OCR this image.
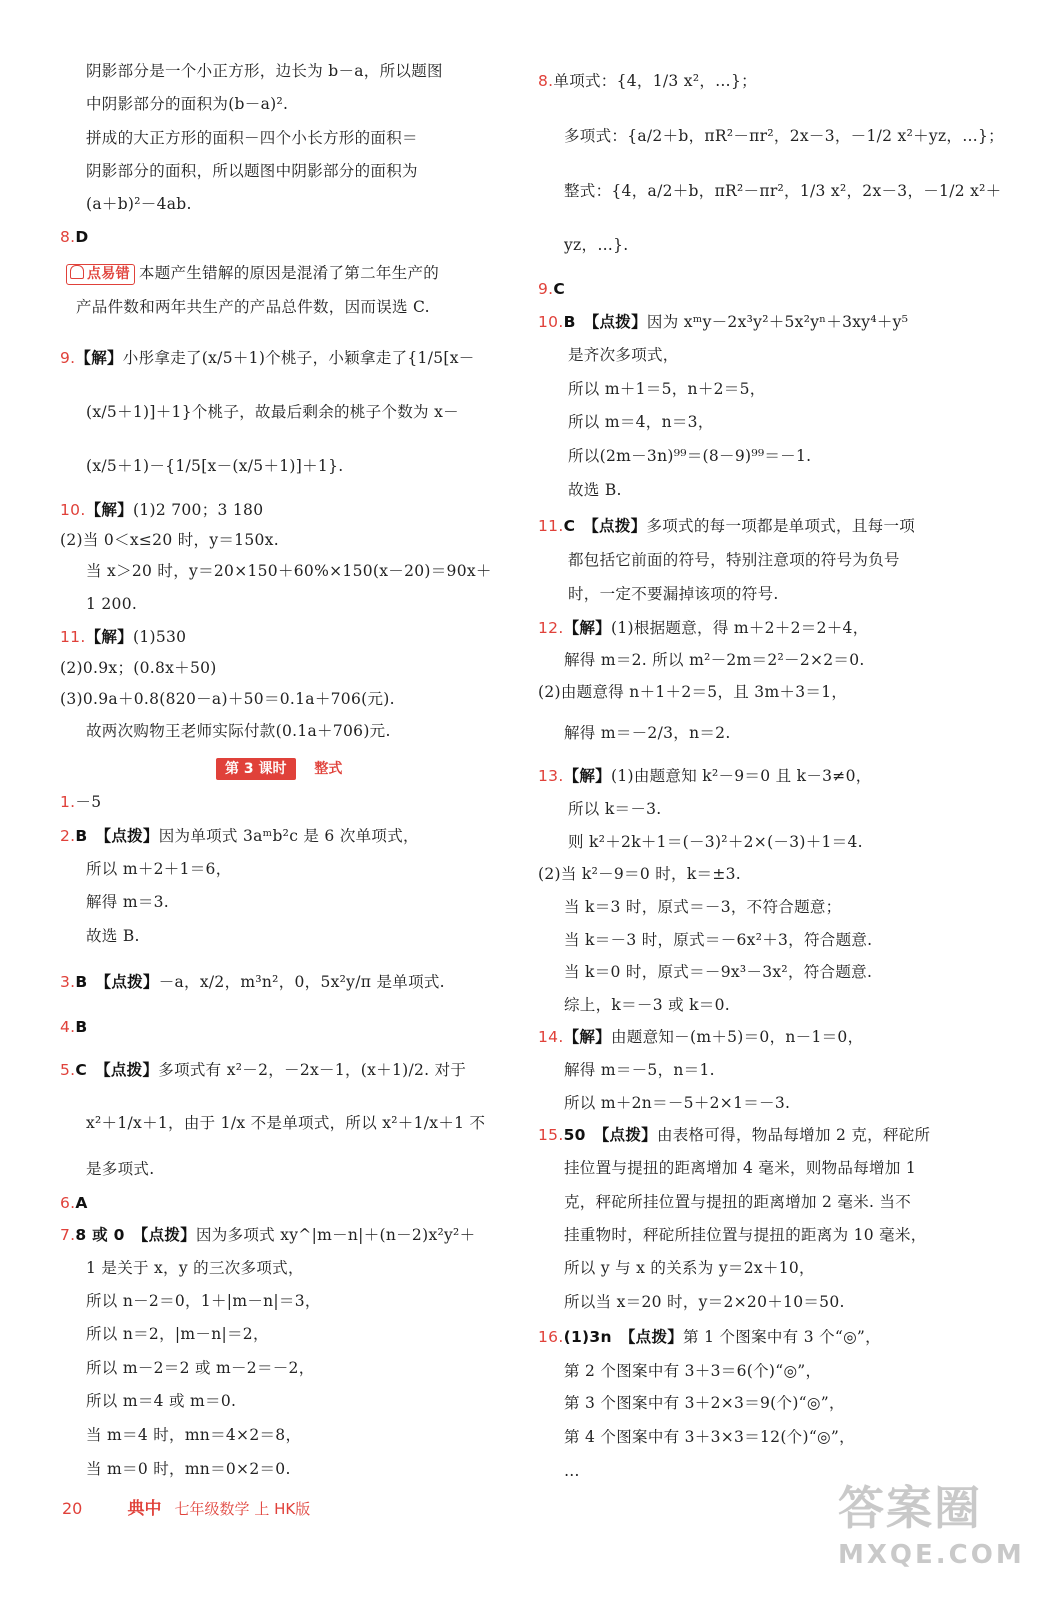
阴影部分是一个小正方形，边长为 b－a，所以题图
中阴影部分的面积为(b－a)².
拼成的大正方形的面积－四个小长方形的面积＝
阴影部分的面积，所以题图中阴影部分的面积为
(a＋b)²－4ab.
8.D
点易错 本题产生错解的原因是混淆了第二年生产的
产品件数和两年共生产的产品总件数，因而误选 C.
9.【解】小彤拿走了(x/5＋1)个桃子，小颖拿走了{1/5[x－
(x/5＋1)]＋1}个桃子，故最后剩余的桃子个数为 x－
(x/5＋1)－{1/5[x－(x/5＋1)]＋1}.
10.【解】(1)2 700；3 180
(2)当 0＜x≤20 时，y＝150x.
当 x＞20 时，y＝20×150＋60%×150(x－20)＝90x＋
1 200.
11.【解】(1)530
(2)0.9x；(0.8x＋50)
(3)0.9a＋0.8(820－a)＋50＝0.1a＋706(元).
故两次购物王老师实际付款(0.1a＋706)元.
1.－5
2.B 【点拨】因为单项式 3aᵐb²c 是 6 次单项式，
所以 m＋2＋1＝6，
解得 m＝3.
故选 B.
3.B 【点拨】－a，x/2，m³n²，0，5x²y/π 是单项式.
4.B
5.C 【点拨】多项式有 x²－2，－2x－1，(x＋1)/2. 对于
x²＋1/x＋1，由于 1/x 不是单项式，所以 x²＋1/x＋1 不
是多项式.
6.A
7.8 或 0 【点拨】因为多项式 xy^|m－n|＋(n－2)x²y²＋
1 是关于 x，y 的三次多项式，
所以 n－2＝0，1＋|m－n|＝3，
所以 n＝2，|m－n|＝2，
所以 m－2＝2 或 m－2＝－2，
所以 m＝4 或 m＝0.
当 m＝4 时，mn＝4×2＝8，
当 m＝0 时，mn＝0×2＝0.
8.单项式：{4，1/3 x²，…}；
多项式：{a/2＋b，πR²－πr²，2x－3，－1/2 x²＋yz，…}；
整式：{4，a/2＋b，πR²－πr²，1/3 x²，2x－3，－1/2 x²＋
yz，…}.
9.C
10.B 【点拨】因为 xᵐy－2x³y²＋5x²yⁿ＋3xy⁴＋y⁵
是齐次多项式，
所以 m＋1＝5，n＋2＝5，
所以 m＝4，n＝3，
所以(2m－3n)⁹⁹＝(8－9)⁹⁹＝－1.
故选 B.
11.C 【点拨】多项式的每一项都是单项式，且每一项
都包括它前面的符号，特别注意项的符号为负号
时，一定不要漏掉该项的符号.
12.【解】(1)根据题意，得 m＋2＋2＝2＋4，
解得 m＝2. 所以 m²－2m＝2²－2×2＝0.
(2)由题意得 n＋1＋2＝5，且 3m＋3＝1，
解得 m＝－2/3，n＝2.
13.【解】(1)由题意知 k²－9＝0 且 k－3≠0，
所以 k＝－3.
则 k²＋2k＋1＝(－3)²＋2×(－3)＋1＝4.
(2)当 k²－9＝0 时，k＝±3.
当 k＝3 时，原式＝－3，不符合题意；
当 k＝－3 时，原式＝－6x²＋3，符合题意.
当 k＝0 时，原式＝－9x³－3x²，符合题意.
综上，k＝－3 或 k＝0.
14.【解】由题意知－(m＋5)＝0，n－1＝0，
解得 m＝－5，n＝1.
所以 m＋2n＝－5＋2×1＝－3.
15.50 【点拨】由表格可得，物品每增加 2 克，秤砣所
挂位置与提扭的距离增加 4 毫米，则物品每增加 1
克，秤砣所挂位置与提扭的距离增加 2 毫米. 当不
挂重物时，秤砣所挂位置与提扭的距离为 10 毫米，
所以 y 与 x 的关系为 y＝2x＋10，
所以当 x＝20 时，y＝2×20＋10＝50.
16.(1)3n 【点拨】第 1 个图案中有 3 个“◎”，
第 2 个图案中有 3＋3＝6(个)“◎”，
第 3 个图案中有 3＋2×3＝9(个)“◎”，
第 4 个图案中有 3＋3×3＝12(个)“◎”，
…
第 3 课时 整式
20	典中 七年级数学 上 HK版	答案圈
MXQE.COM
